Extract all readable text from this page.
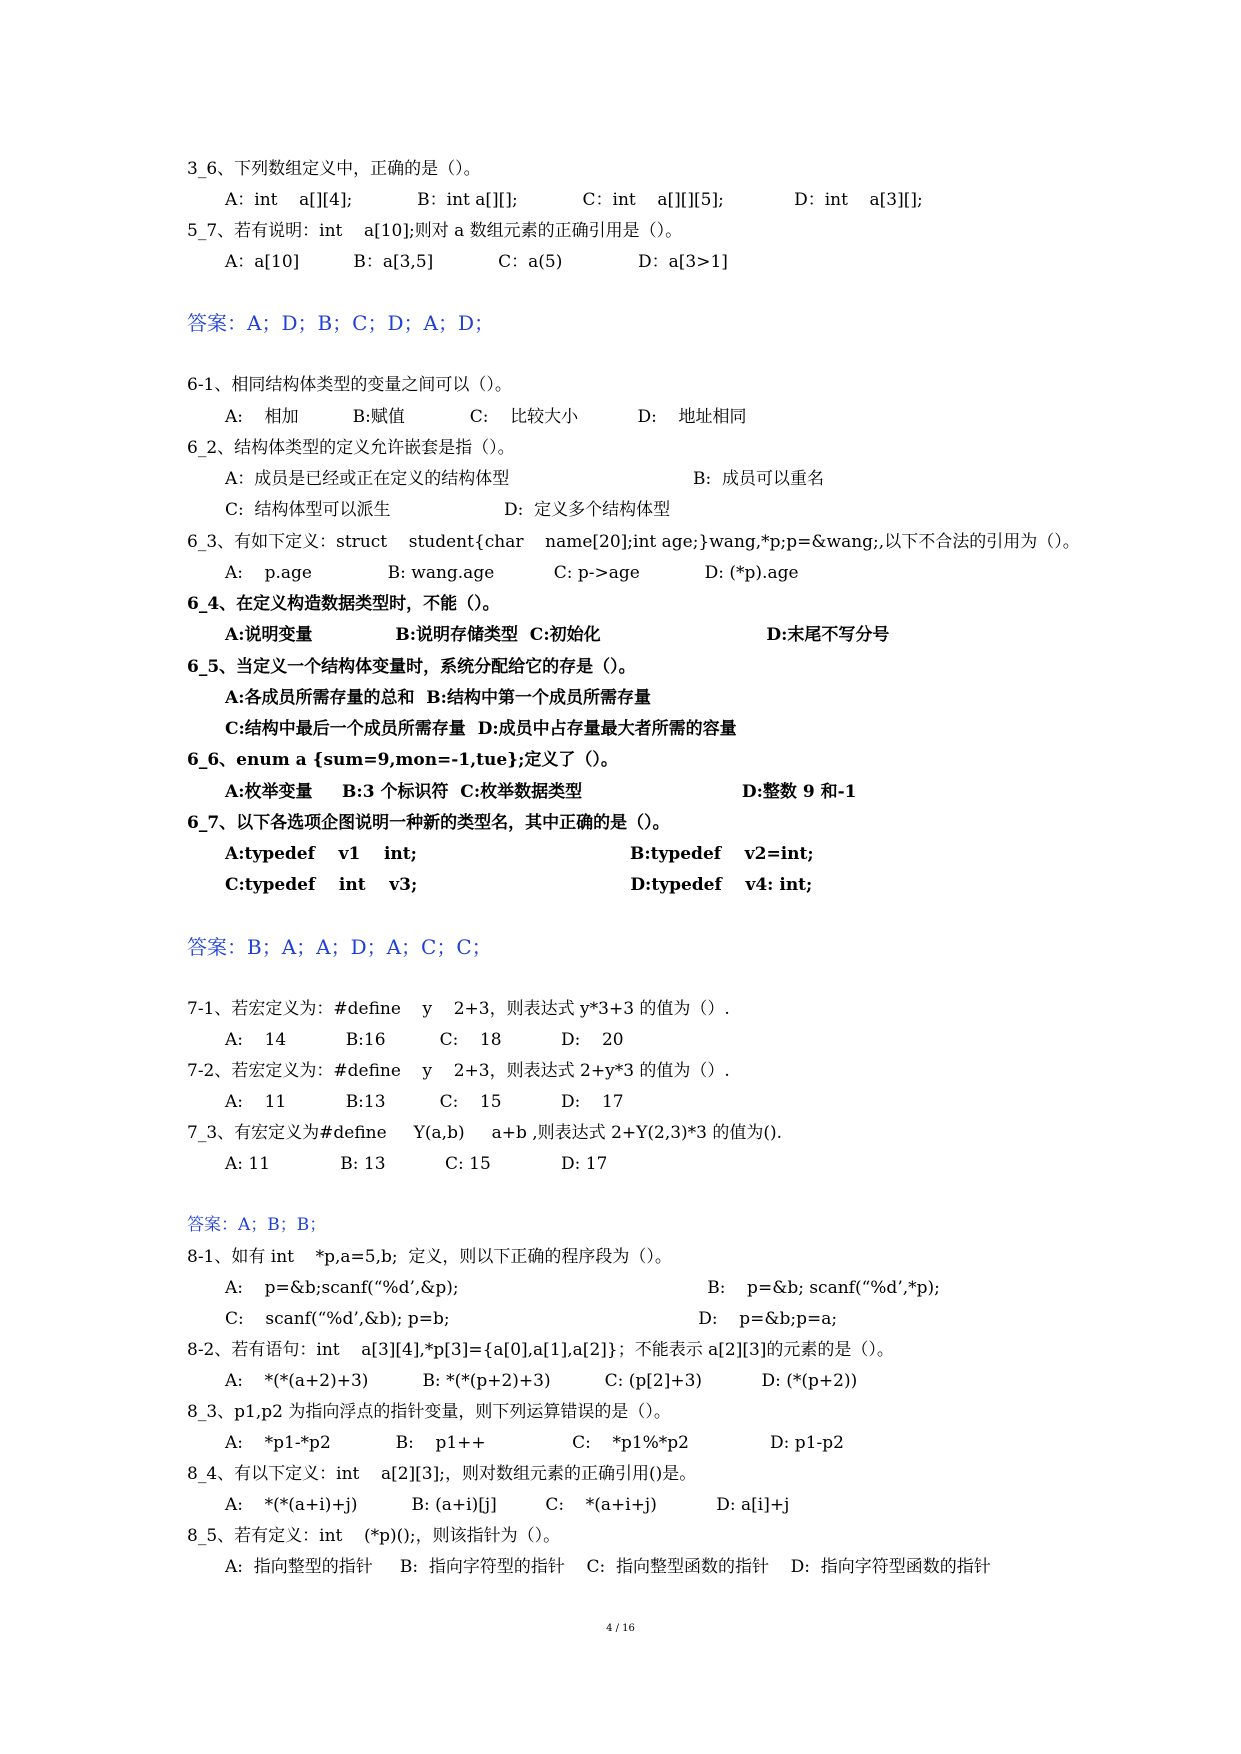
3_6、下列数组定义中，正确的是（）。
A：int    a[][4];            B：int a[][];            C：int    a[][][5];             D：int    a[3][];
5_7、若有说明：int    a[10];则对 a 数组元素的正确引用是（）。
A：a[10]          B：a[3,5]            C：a(5)              D：a[3>1]
答案：A；D；B；C；D；A；D；
6-1、相同结构体类型的变量之间可以（）。
A:    相加          B:赋值            C:    比较大小           D:    地址相同
6_2、结构体类型的定义允许嵌套是指（）。
A：成员是已经或正在定义的结构体型                                  B:  成员可以重名
C:  结构体型可以派生                     D:  定义多个结构体型
6_3、有如下定义：struct    student{char    name[20];int age;}wang,*p;p=&wang;,以下不合法的引用为（）。
A:    p.age              B: wang.age           C: p->age            D: (*p).age
6_4、在定义构造数据类型时，不能（）。
A:说明变量              B:说明存储类型  C:初始化                            D:末尾不写分号
6_5、当定义一个结构体变量时，系统分配给它的存是（）。
A:各成员所需存量的总和  B:结构中第一个成员所需存量
C:结构中最后一个成员所需存量  D:成员中占存量最大者所需的容量
6_6、enum a {sum=9,mon=-1,tue};定义了（）。
A:枚举变量     B:3 个标识符  C:枚举数据类型                           D:整数 9 和-1
6_7、以下各选项企图说明一种新的类型名，其中正确的是（）。
A:typedef    v1    int;                                    B:typedef    v2=int;
C:typedef    int    v3;                                    D:typedef    v4: int;
答案：B；A；A；D；A；C；C；
7-1、若宏定义为：#define    y    2+3，则表达式 y*3+3 的值为（）.
A:    14           B:16          C:    18           D:    20
7-2、若宏定义为：#define    y    2+3，则表达式 2+y*3 的值为（）.
A:    11           B:13          C:    15           D:    17
7_3、有宏定义为#define     Y(a,b)     a+b ,则表达式 2+Y(2,3)*3 的值为().
A: 11             B: 13           C: 15             D: 17
答案：A；B；B；
8-1、如有 int    *p,a=5,b;  定义，则以下正确的程序段为（）。
A:    p=&b;scanf(“%d’,&p);                                              B:    p=&b; scanf(“%d’,*p);
C:    scanf(“%d’,&b); p=b;                                              D:    p=&b;p=a;
8-2、若有语句：int    a[3][4],*p[3]={a[0],a[1],a[2]}；不能表示 a[2][3]的元素的是（）。
A:    *(*(a+2)+3)          B: *(*(p+2)+3)          C: (p[2]+3)           D: (*(p+2))
8_3、p1,p2 为指向浮点的指针变量，则下列运算错误的是（）。
A:    *p1-*p2            B:    p1++                C:    *p1%*p2               D: p1-p2
8_4、有以下定义：int    a[2][3];，则对数组元素的正确引用()是。
A:    *(*(a+i)+j)          B: (a+i)[j]         C:    *(a+i+j)           D: a[i]+j
8_5、若有定义：int    (*p)();，则该指针为（）。
A:  指向整型的指针     B:  指向字符型的指针    C:  指向整型函数的指针    D:  指向字符型函数的指针
4 / 16
